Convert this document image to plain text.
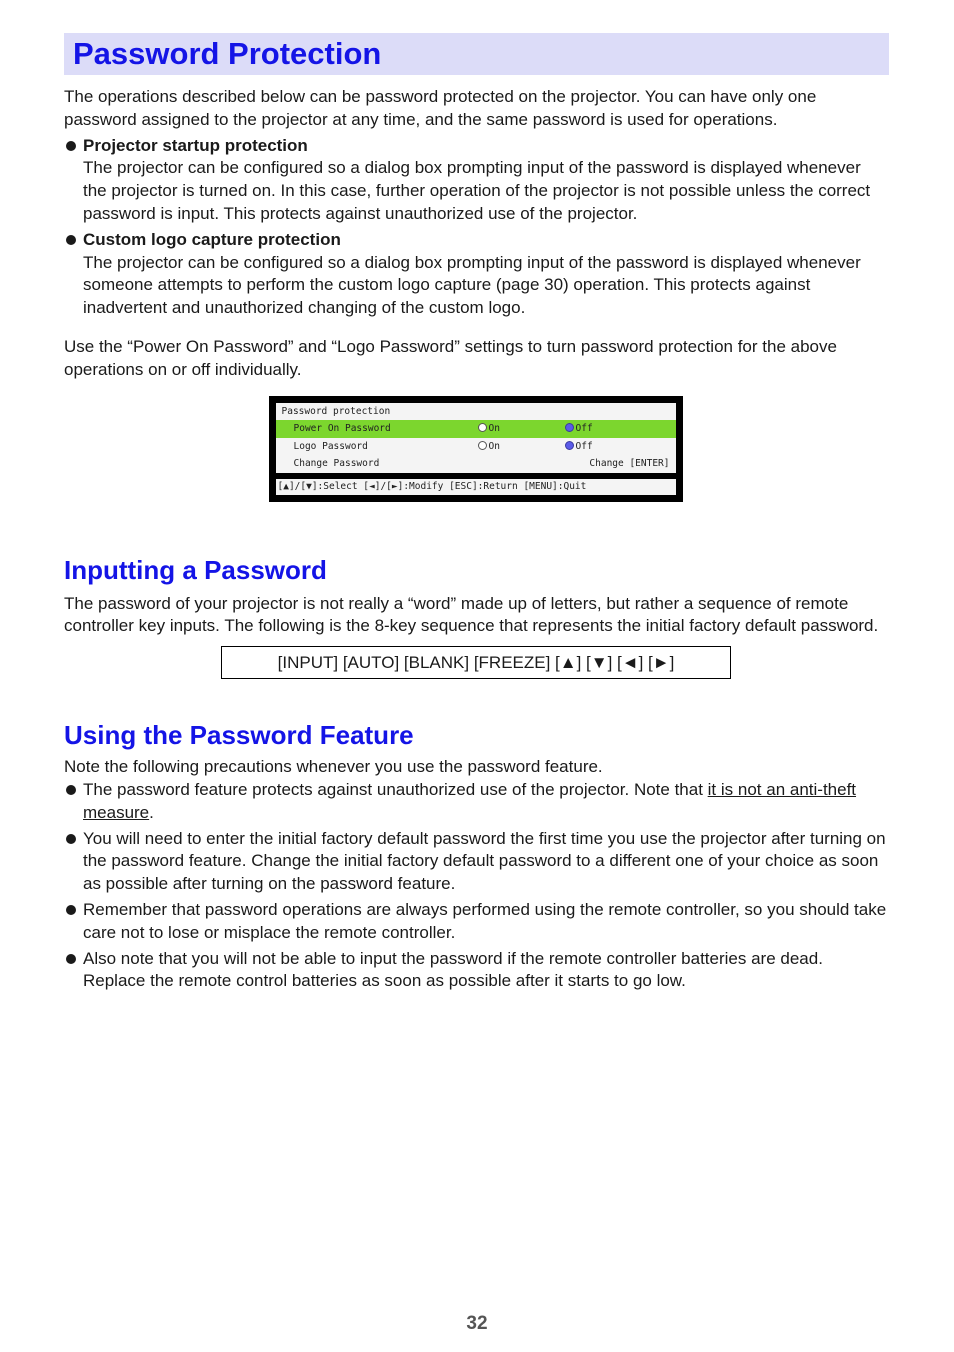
Password Protection

The operations described below can be password protected on the projector. You can have only one password assigned to the projector at any time, and the same password is used for operations.

Projector startup protection
The projector can be configured so a dialog box prompting input of the password is displayed whenever the projector is turned on. In this case, further operation of the projector is not possible unless the correct password is input. This protects against unauthorized use of the projector.
Custom logo capture protection
The projector can be configured so a dialog box prompting input of the password is displayed whenever someone attempts to perform the custom logo capture (page 30) operation. This protects against inadvertent and unauthorized changing of the custom logo.

Use the “Power On Password” and “Logo Password” settings to turn password protection for the above operations on or off individually.

Password protection
Power On Password	On	Off
Logo Password	On	Off
Change Password	Change [ENTER]
[▲]/[▼]:Select [◄]/[►]:Modify [ESC]:Return [MENU]:Quit
Inputting a Password

The password of your projector is not really a “word” made up of letters, but rather a sequence of remote controller key inputs. The following is the 8-key sequence that represents the initial factory default password.

[INPUT] [AUTO] [BLANK] [FREEZE] [▲] [▼] [◄] [►]
Using the Password Feature

Note the following precautions whenever you use the password feature.

The password feature protects against unauthorized use of the projector. Note that it is not an anti-theft measure.
You will need to enter the initial factory default password the first time you use the projector after turning on the password feature. Change the initial factory default password to a different one of your choice as soon as possible after turning on the password feature.
Remember that password operations are always performed using the remote controller, so you should take care not to lose or misplace the remote controller.
Also note that you will not be able to input the password if the remote controller batteries are dead. Replace the remote control batteries as soon as possible after it starts to go low.
32
